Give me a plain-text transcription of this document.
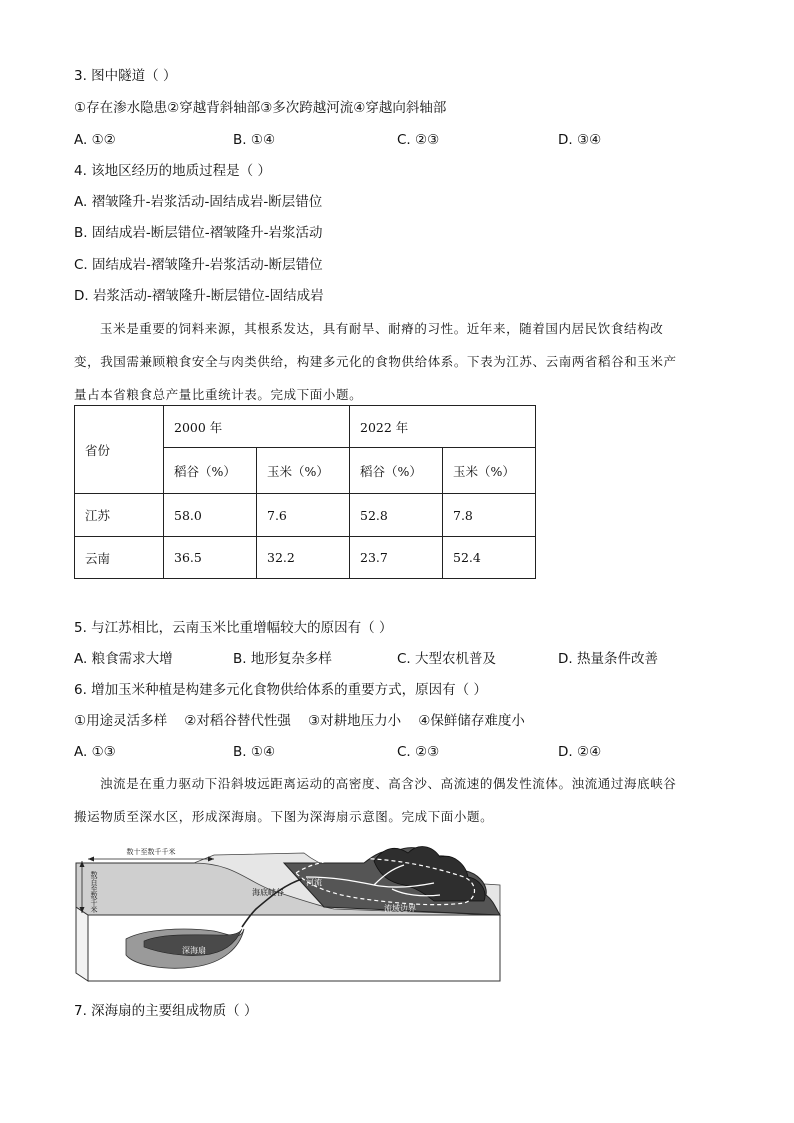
3. 图中隧道（ ）
①存在渗水隐患②穿越背斜轴部③多次跨越河流④穿越向斜轴部
A. ①②	B. ①④	C. ②③	D. ③④
4. 该地区经历的地质过程是（ ）
A. 褶皱隆升-岩浆活动-固结成岩-断层错位
B. 固结成岩-断层错位-褶皱隆升-岩浆活动
C. 固结成岩-褶皱隆升-岩浆活动-断层错位
D. 岩浆活动-褶皱隆升-断层错位-固结成岩
玉米是重要的饲料来源，其根系发达，具有耐旱、耐瘠的习性。近年来，随着国内居民饮食结构改
变，我国需兼顾粮食安全与肉类供给，构建多元化的食物供给体系。下表为江苏、云南两省稻谷和玉米产
量占本省粮食总产量比重统计表。完成下面小题。
省份	2000 年		2022 年	
	稻谷（%）	玉米（%）	稻谷（%）	玉米（%）
江苏	58.0	7.6	52.8	7.8
云南	36.5	32.2	23.7	52.4
5. 与江苏相比，云南玉米比重增幅较大的原因有（ ）
A. 粮食需求大增	B. 地形复杂多样	C. 大型农机普及	D. 热量条件改善
6. 增加玉米种植是构建多元化食物供给体系的重要方式，原因有（ ）
①用途灵活多样    ②对稻谷替代性强    ③对耕地压力小    ④保鲜储存难度小
A. ①③	B. ①④	C. ②③	D. ②④
浊流是在重力驱动下沿斜坡远距离运动的高密度、高含沙、高流速的偶发性流体。浊流通过海底峡谷
搬运物质至深水区，形成深海扇。下图为深海扇示意图。完成下面小题。
数十至数千千米
数百至数千米	海底峡谷
河流
流域边界
深海扇
7. 深海扇的主要组成物质（ ）
